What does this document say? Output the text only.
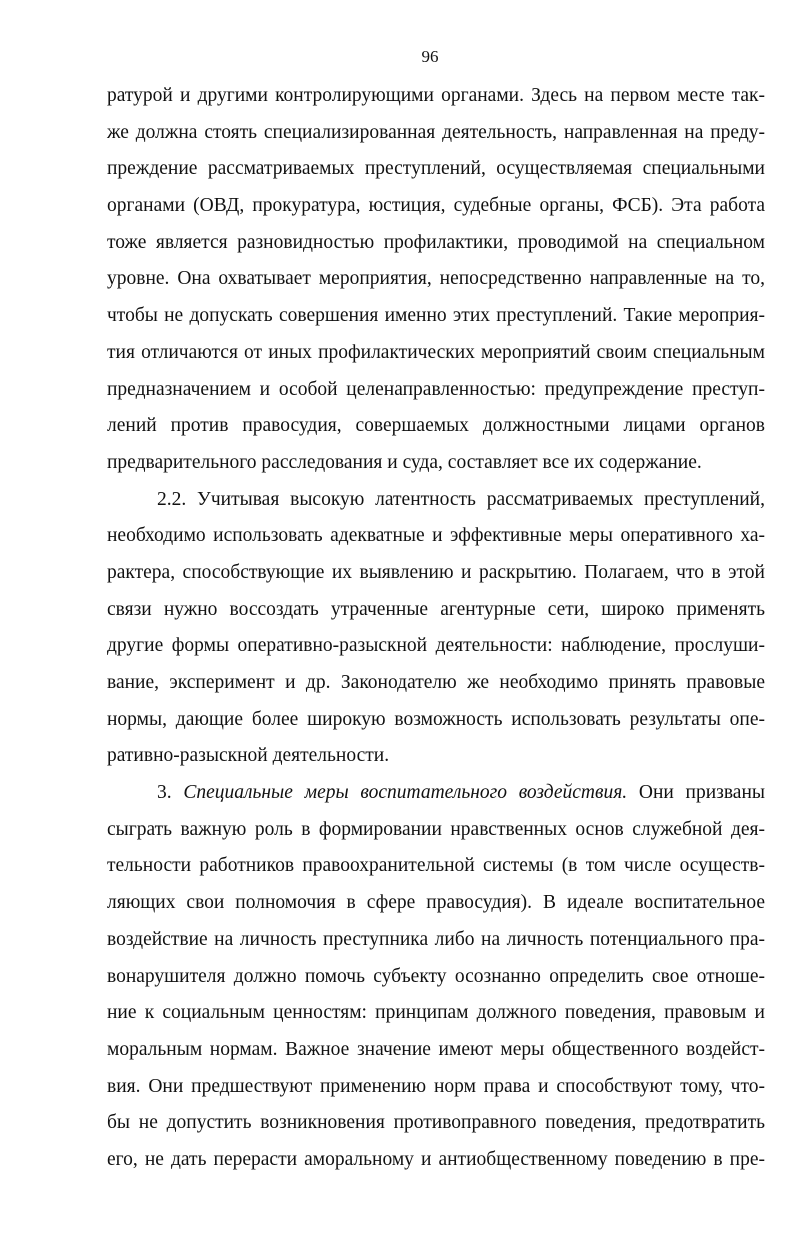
96
ратурой и другими контролирующими органами. Здесь на первом месте так-
же должна стоять специализированная деятельность, направленная на преду-
преждение рассматриваемых преступлений, осуществляемая специальными
органами (ОВД, прокуратура, юстиция, судебные органы, ФСБ). Эта работа
тоже является разновидностью профилактики, проводимой на специальном
уровне. Она охватывает мероприятия, непосредственно направленные на то,
чтобы не допускать совершения именно этих преступлений. Такие мероприя-
тия отличаются от иных профилактических мероприятий своим специальным
предназначением и особой целенаправленностью: предупреждение преступ-
лений против правосудия, совершаемых должностными лицами органов
предварительного расследования и суда, составляет все их содержание.
2.2. Учитывая высокую латентность рассматриваемых преступлений,
необходимо использовать адекватные и эффективные меры оперативного ха-
рактера, способствующие их выявлению и раскрытию. Полагаем, что в этой
связи нужно воссоздать утраченные агентурные сети, широко применять
другие формы оперативно-разыскной деятельности: наблюдение, прослуши-
вание, эксперимент и др. Законодателю же необходимо принять правовые
нормы, дающие более широкую возможность использовать результаты опе-
ративно-разыскной деятельности.
3. Специальные меры воспитательного воздействия. Они призваны
сыграть важную роль в формировании нравственных основ служебной дея-
тельности работников правоохранительной системы (в том числе осуществ-
ляющих свои полномочия в сфере правосудия). В идеале воспитательное
воздействие на личность преступника либо на личность потенциального пра-
вонарушителя должно помочь субъекту осознанно определить свое отноше-
ние к социальным ценностям: принципам должного поведения, правовым и
моральным нормам. Важное значение имеют меры общественного воздейст-
вия. Они предшествуют применению норм права и способствуют тому, что-
бы не допустить возникновения противоправного поведения, предотвратить
его, не дать перерасти аморальному и антиобщественному поведению в пре-
